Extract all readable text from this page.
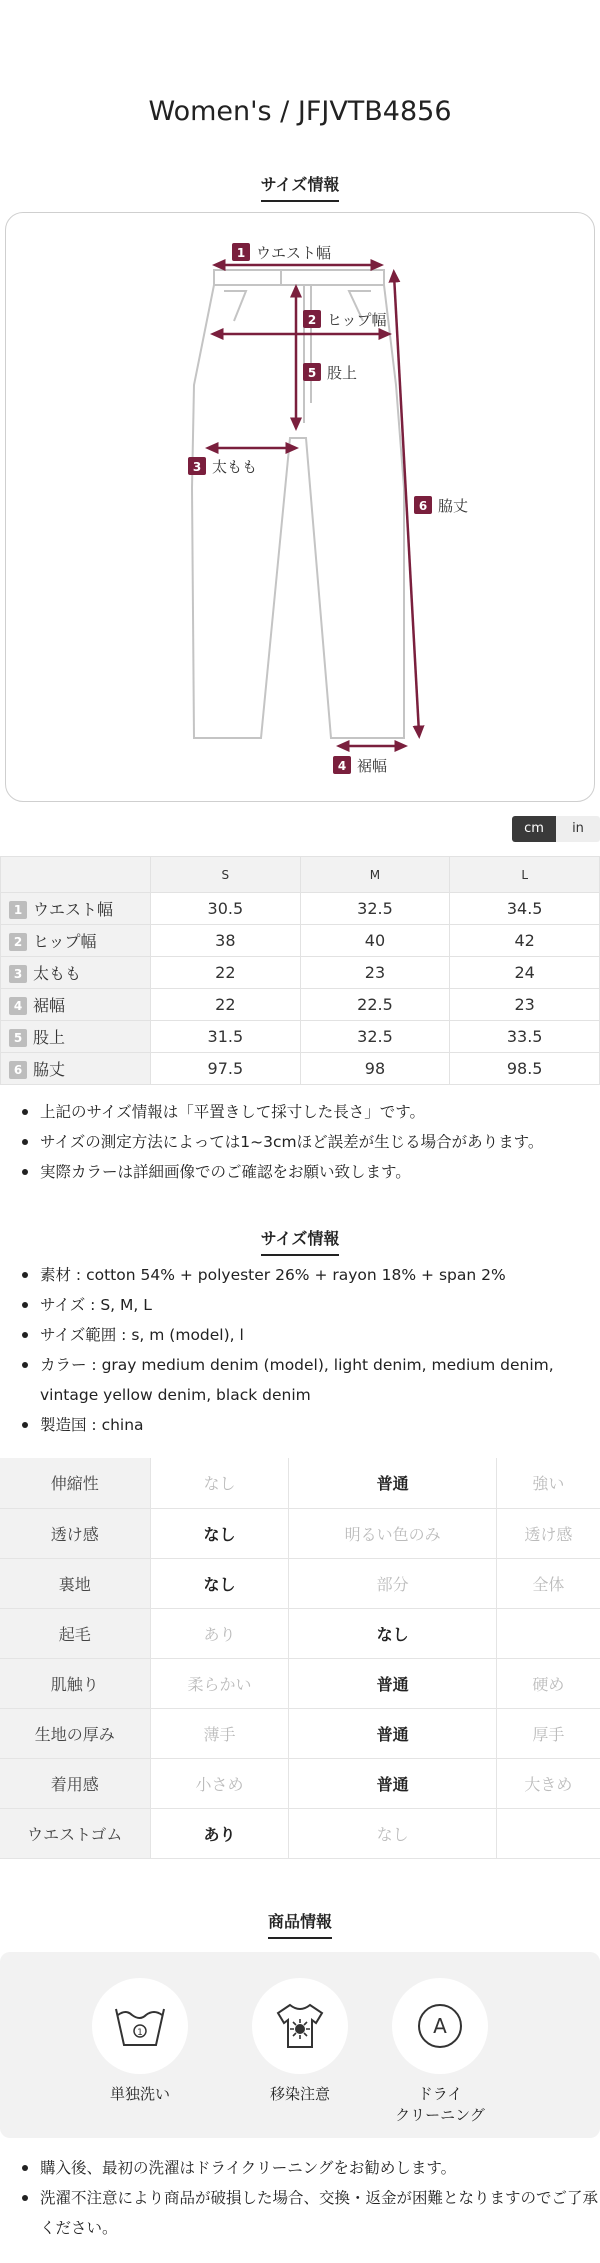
Women's / JFJVTB4856
サイズ情報
1 ウエスト幅
2 ヒップ幅
3 太もも
4 裾幅
5 股上
6 脇丈
cm	in
	S	M	L
1 ウエスト幅	30.5	32.5	34.5
2 ヒップ幅	38	40	42
3 太もも	22	23	24
4 裾幅	22	22.5	23
5 股上	31.5	32.5	33.5
6 脇丈	97.5	98	98.5
上記のサイズ情報は「平置きして採寸した長さ」です。
サイズの測定方法によっては1~3cmほど誤差が生じる場合があります。
実際カラーは詳細画像でのご確認をお願い致します。
サイズ情報
素材 : cotton 54% + polyester 26% + rayon 18% + span 2%
サイズ : S, M, L
サイズ範囲 : s, m (model), l
カラー : gray medium denim (model), light denim, medium denim, vintage yellow denim, black denim
製造国 : china
伸縮性	なし	普通	強い
透け感	なし	明るい色のみ	透け感
裏地	なし	部分	全体
起毛	あり	なし	
肌触り	柔らかい	普通	硬め
生地の厚み	薄手	普通	厚手
着用感	小さめ	普通	大きめ
ウエストゴム	あり	なし	
商品情報
1
単独洗い	移染注意
A
ドライ
クリーニング
購入後、最初の洗濯はドライクリーニングをお勧めします。
洗濯不注意により商品が破損した場合、交換・返金が困難となりますのでご了承ください。
